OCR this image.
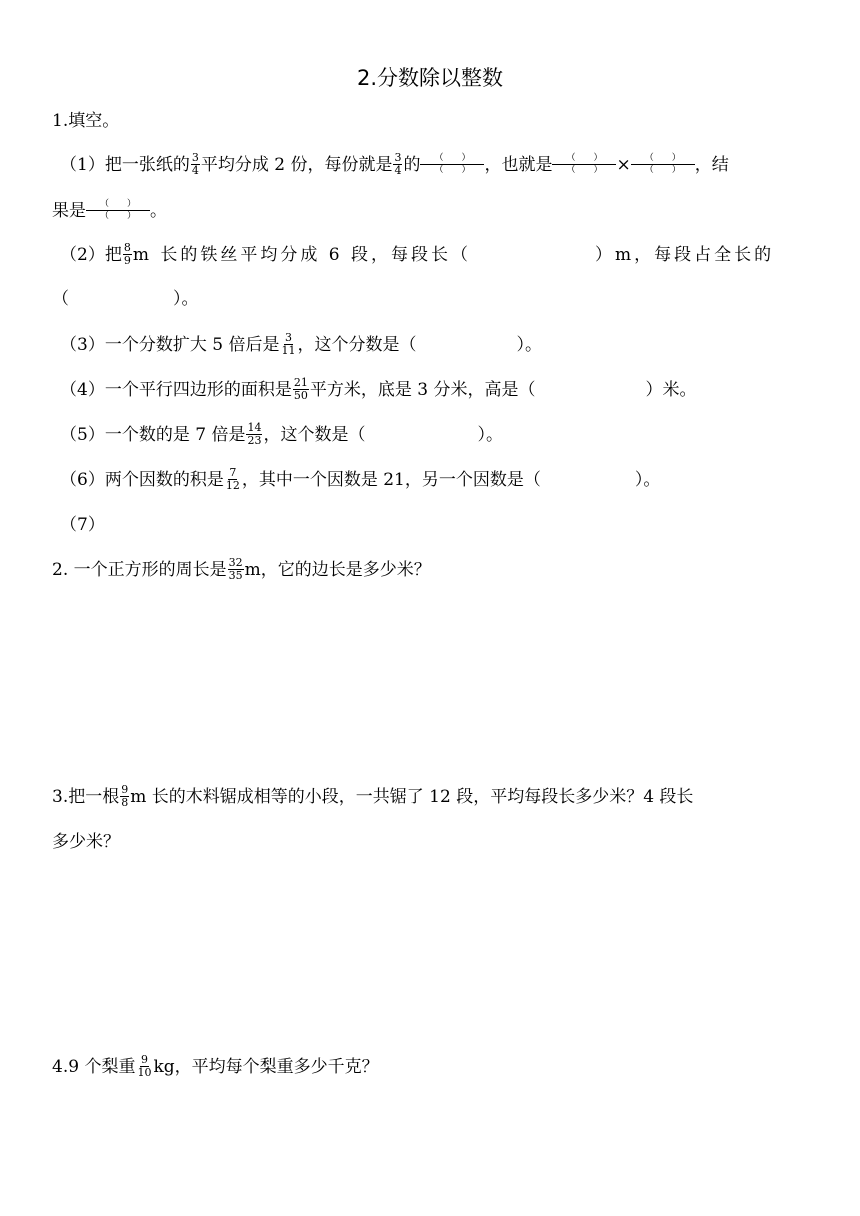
2.分数除以整数
1.填空。
（1）把一张纸的 $\frac{3}{4}$ 平均分成 2 份，每份就是 $\frac{3}{4}$ 的 $\frac{( )}{( )}$ ，也就是 $\frac{( )}{( )} \times \frac{( )}{( )}$ ，结
果是 $\frac{( )}{( )}$ 。
（2）把 $\frac{8}{9}$ m 长的铁丝平均分成 6 段，每段长（	）m，每段占全长的
（	）。
（3）一个分数扩大 5 倍后是 $\frac{3}{11}$ ，这个分数是（	）。
（4）一个平行四边形的面积是 $\frac{21}{50}$ 平方米，底是 3 分米，高是（	）米。
（5）一个数的是 7 倍是 $\frac{14}{23}$ ，这个数是（	）。
（6）两个因数的积是 $\frac{7}{12}$ ，其中一个因数是 21，另一个因数是（	）。
（7）
2. 一个正方形的周长是 $\frac{32}{35}$ m，它的边长是多少米？
3.把一根 $\frac{9}{8}$ m 长的木料锯成相等的小段，一共锯了 12 段，平均每段长多少米？4 段长
多少米？
4.9 个梨重 $\frac{9}{10}$ kg，平均每个梨重多少千克？
